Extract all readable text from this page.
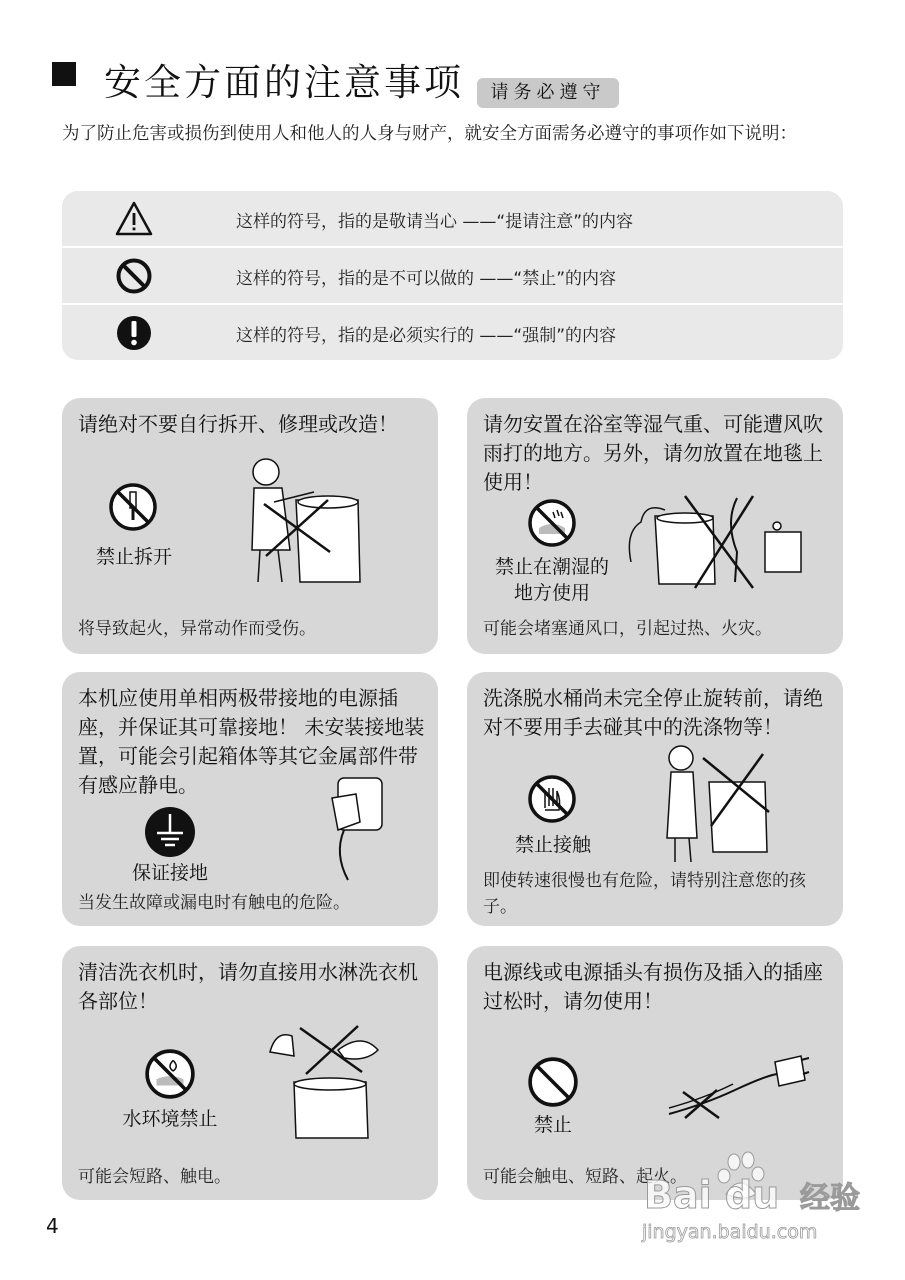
安全方面的注意事项	请务必遵守
为了防止危害或损伤到使用人和他人的人身与财产，就安全方面需务必遵守的事项作如下说明：
这样的符号，指的是敬请当心 ——“提请注意”的内容
这样的符号，指的是不可以做的 ——“禁止”的内容
这样的符号，指的是必须实行的 ——“强制”的内容
请绝对不要自行拆开、修理或改造！
禁止拆开
将导致起火，异常动作而受伤。
请勿安置在浴室等湿气重、可能遭风吹雨打的地方。另外，请勿放置在地毯上使用！
禁止在潮湿的地方使用
可能会堵塞通风口，引起过热、火灾。
本机应使用单相两极带接地的电源插座，并保证其可靠接地！ 未安装接地装置，可能会引起箱体等其它金属部件带有感应静电。
保证接地
当发生故障或漏电时有触电的危险。
洗涤脱水桶尚未完全停止旋转前，请绝对不要用手去碰其中的洗涤物等！
禁止接触
即使转速很慢也有危险，请特别注意您的孩子。
清洁洗衣机时，请勿直接用水淋洗衣机各部位！
水环境禁止
可能会短路、触电。
电源线或电源插头有损伤及插入的插座过松时，请勿使用！
禁止
可能会触电、短路、起火。
4
Bai du 经验
jingyan.baidu.com
